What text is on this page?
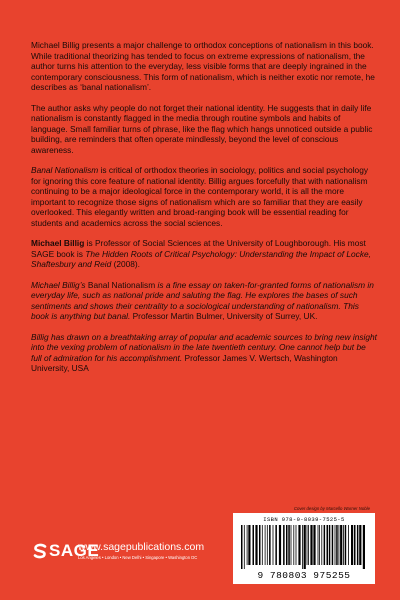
Michael Billig presents a major challenge to orthodox conceptions of nationalism in this book. While traditional theorizing has tended to focus on extreme expressions of nationalism, the author turns his attention to the everyday, less visible forms that are deeply ingrained in the contemporary consciousness. This form of nationalism, which is neither exotic nor remote, he describes as ‘banal nationalism’.

The author asks why people do not forget their national identity. He suggests that in daily life nationalism is constantly flagged in the media through routine symbols and habits of language. Small familiar turns of phrase, like the flag which hangs unnoticed outside a public building, are reminders that often operate mindlessly, beyond the level of conscious awareness.

Banal Nationalism is critical of orthodox theories in sociology, politics and social psychology for ignoring this core feature of national identity. Billig argues forcefully that with nationalism continuing to be a major ideological force in the contemporary world, it is all the more important to recognize those signs of nationalism which are so familiar that they are easily overlooked. This elegantly written and broad-ranging book will be essential reading for students and academics across the social sciences.

Michael Billig is Professor of Social Sciences at the University of Loughborough. His most SAGE book is The Hidden Roots of Critical Psychology: Understanding the Impact of Locke, Shaftesbury and Reid (2008).

Michael Billig’s Banal Nationalism is a fine essay on taken-for-granted forms of nationalism in everyday life, such as national pride and saluting the flag. He explores the bases of such sentiments and shows their centrality to a sociological understanding of nationalism. This book is anything but banal. Professor Martin Bulmer, University of Surrey, UK.

Billig has drawn on a breathtaking array of popular and academic sources to bring new insight into the vexing problem of nationalism in the late twentieth century. One cannot help but be full of admiration for his accomplishment. Professor James V. Wertsch, Washington University, USA

Cover design by Marcello Warner Noble
ISBN 978-0-8039-7525-5
9 780803 975255
SAGE
www.sagepublications.com
Los Angeles • London • New Delhi • Singapore • Washington DC
